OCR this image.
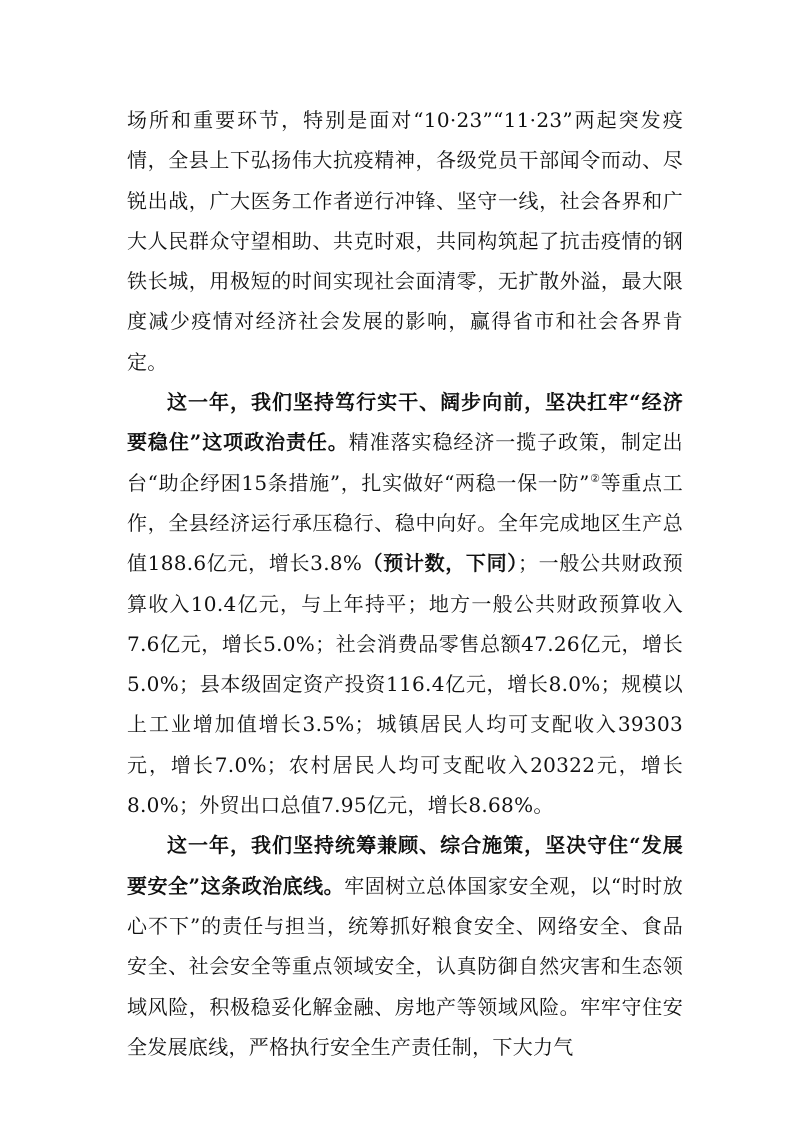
场所和重要环节，特别是面对“10·23”“11·23”两起突发疫情，全县上下弘扬伟大抗疫精神，各级党员干部闻令而动、尽锐出战，广大医务工作者逆行冲锋、坚守一线，社会各界和广大人民群众守望相助、共克时艰，共同构筑起了抗击疫情的钢铁长城，用极短的时间实现社会面清零，无扩散外溢，最大限度减少疫情对经济社会发展的影响，赢得省市和社会各界肯定。

这一年，我们坚持笃行实干、阔步向前，坚决扛牢“经济要稳住”这项政治责任。精准落实稳经济一揽子政策，制定出台“助企纾困15条措施”，扎实做好“两稳一保一防”②等重点工作，全县经济运行承压稳行、稳中向好。全年完成地区生产总值188.6亿元，增长3.8%（预计数，下同）；一般公共财政预算收入10.4亿元，与上年持平；地方一般公共财政预算收入7.6亿元，增长5.0%；社会消费品零售总额47.26亿元，增长5.0%；县本级固定资产投资116.4亿元，增长8.0%；规模以上工业增加值增长3.5%；城镇居民人均可支配收入39303元，增长7.0%；农村居民人均可支配收入20322元，增长8.0%；外贸出口总值7.95亿元，增长8.68%。

这一年，我们坚持统筹兼顾、综合施策，坚决守住“发展要安全”这条政治底线。牢固树立总体国家安全观，以“时时放心不下”的责任与担当，统筹抓好粮食安全、网络安全、食品安全、社会安全等重点领域安全，认真防御自然灾害和生态领域风险，积极稳妥化解金融、房地产等领域风险。牢牢守住安全发展底线，严格执行安全生产责任制，下大力气
